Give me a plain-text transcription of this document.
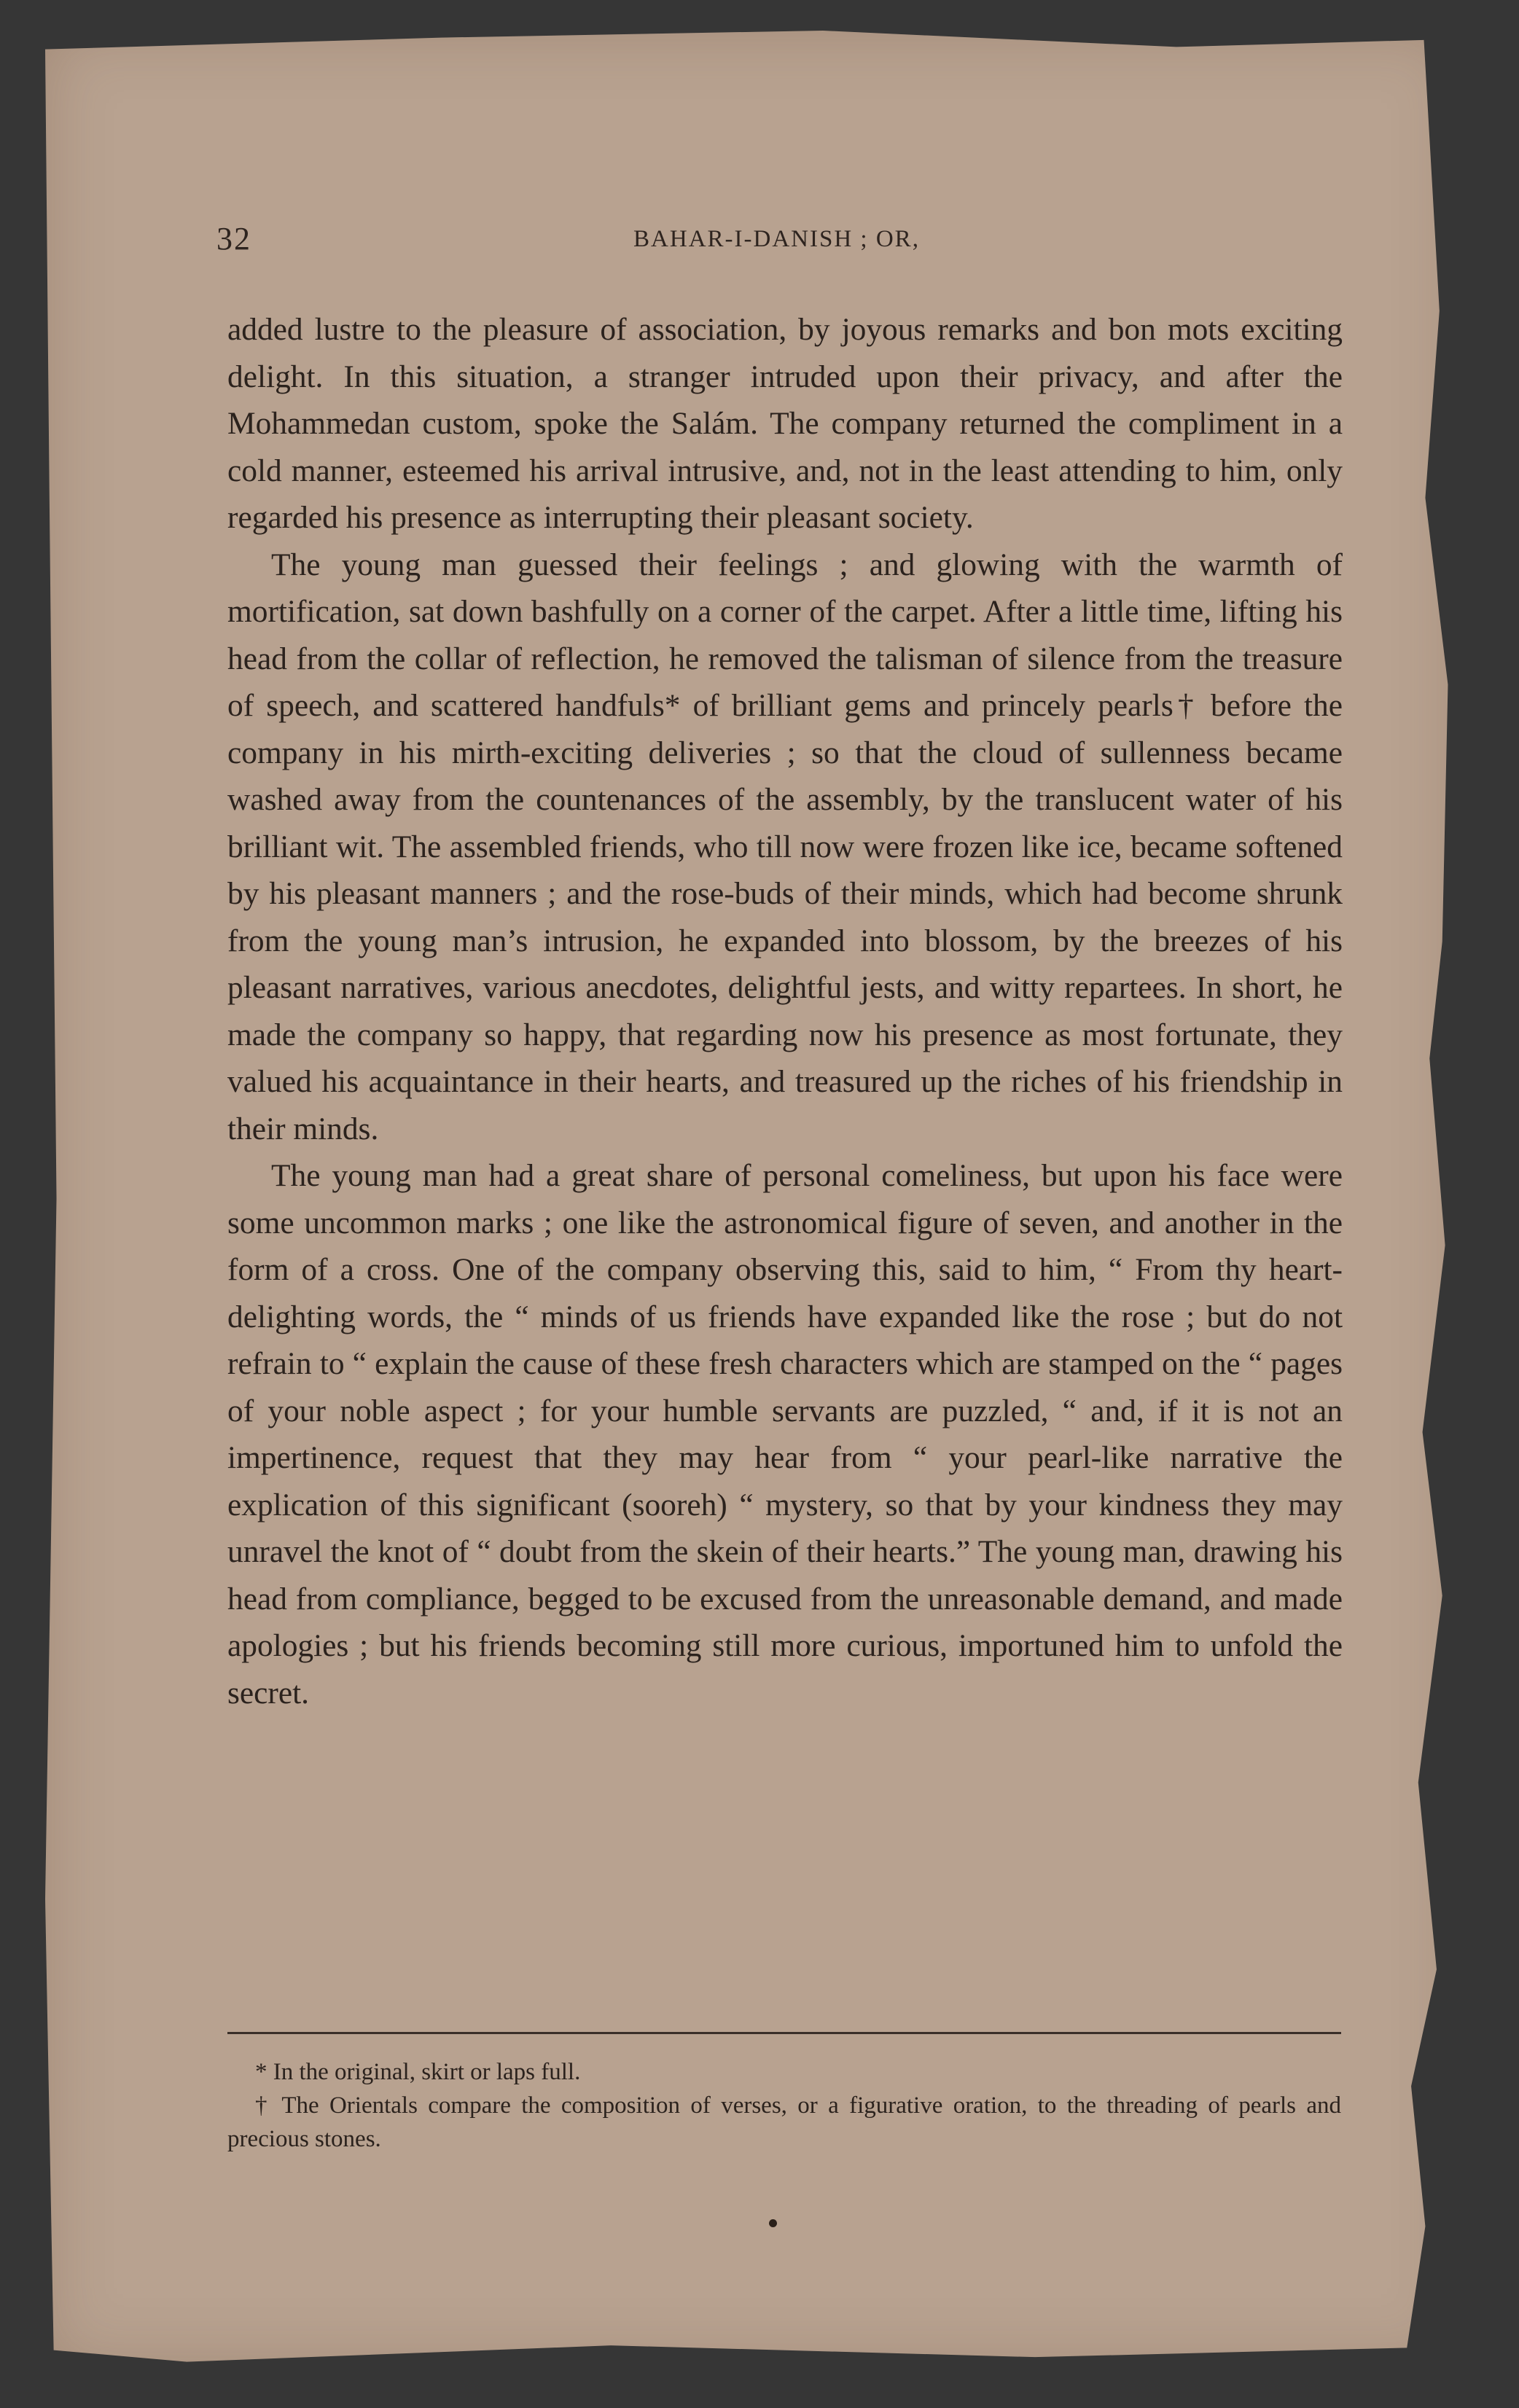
32	BAHAR-I-DANISH ; OR,

added lustre to the pleasure of association, by joyous remarks and bon mots exciting delight. In this situation, a stranger intruded upon their privacy, and after the Mohammedan custom, spoke the Salám. The company returned the compliment in a cold manner, esteemed his arrival intrusive, and, not in the least attending to him, only regarded his presence as interrupting their pleasant society.

The young man guessed their feelings ; and glowing with the warmth of mortification, sat down bashfully on a corner of the carpet. After a little time, lifting his head from the collar of reflection, he removed the talisman of silence from the treasure of speech, and scattered handfuls* of brilliant gems and princely pearls† before the company in his mirth-exciting deliveries ; so that the cloud of sullenness became washed away from the countenances of the assembly, by the translucent water of his brilliant wit. The assembled friends, who till now were frozen like ice, became softened by his pleasant manners ; and the rose-buds of their minds, which had become shrunk from the young man’s intrusion, he expanded into blossom, by the breezes of his pleasant narratives, various anecdotes, delightful jests, and witty repartees. In short, he made the company so happy, that regarding now his presence as most fortunate, they valued his acquaintance in their hearts, and treasured up the riches of his friendship in their minds.

The young man had a great share of personal comeliness, but upon his face were some uncommon marks ; one like the astronomical figure of seven, and another in the form of a cross. One of the company observing this, said to him, “ From thy heart-delighting words, the “ minds of us friends have expanded like the rose ; but do not refrain to “ explain the cause of these fresh characters which are stamped on the “ pages of your noble aspect ; for your humble servants are puzzled, “ and, if it is not an impertinence, request that they may hear from “ your pearl-like narrative the explication of this significant (sooreh) “ mystery, so that by your kindness they may unravel the knot of “ doubt from the skein of their hearts.” The young man, drawing his head from compliance, begged to be excused from the unreasonable demand, and made apologies ; but his friends becoming still more curious, importuned him to unfold the secret.

* In the original, skirt or laps full.

† The Orientals compare the composition of verses, or a figurative oration, to the threading of pearls and precious stones.
